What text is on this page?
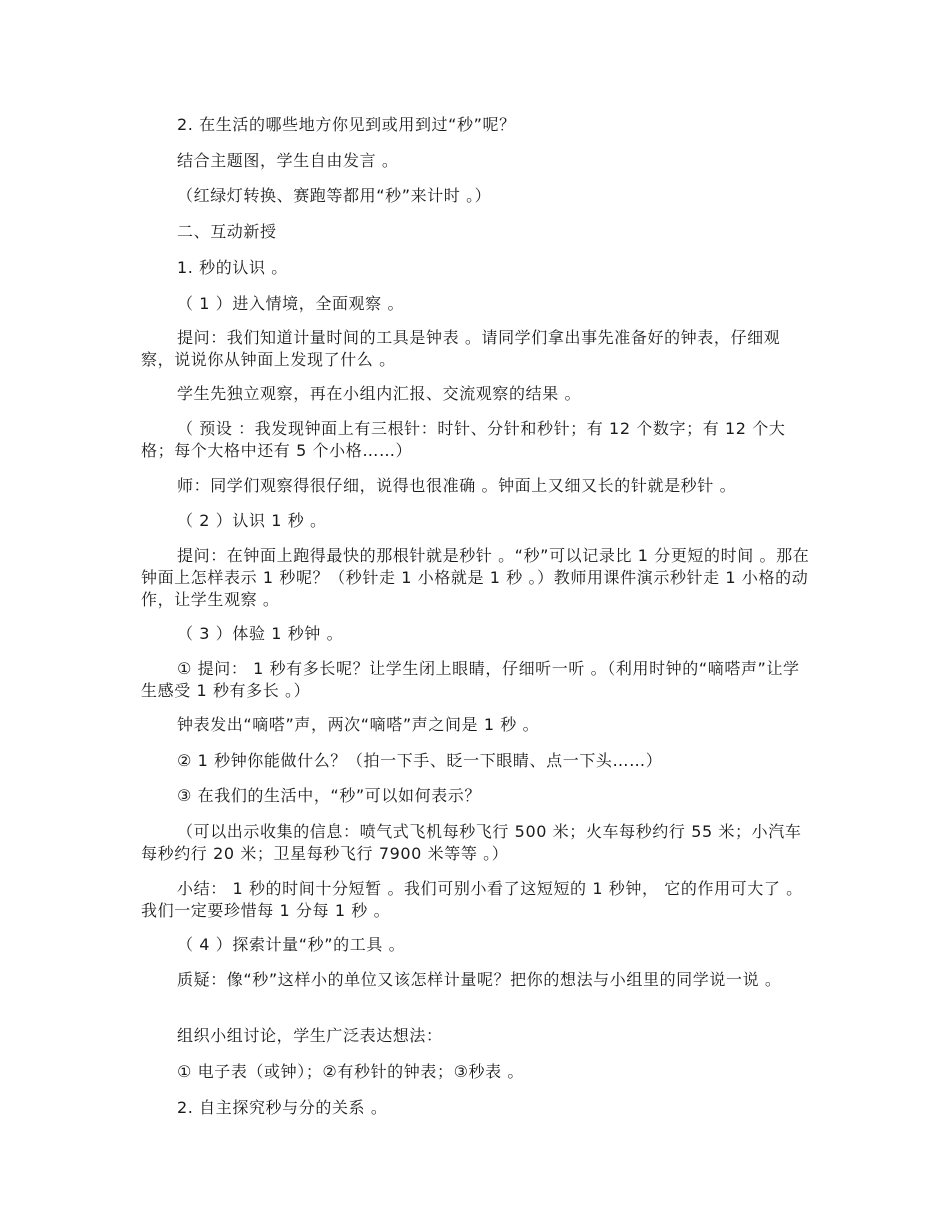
2. 在生活的哪些地方你见到或用到过“秒”呢？

结合主题图，学生自由发言 。

（红绿灯转换、赛跑等都用“秒”来计时 。）

二、互动新授

1. 秒的认识 。

（ 1 ）进入情境，全面观察 。

提问：我们知道计量时间的工具是钟表 。请同学们拿出事先准备好的钟表，仔细观察，说说你从钟面上发现了什么 。

学生先独立观察，再在小组内汇报、交流观察的结果 。

（ 预设 ：我发现钟面上有三根针：时针、分针和秒针；有 12 个数字；有 12 个大格；每个大格中还有 5 个小格……）

师：同学们观察得很仔细，说得也很准确 。钟面上又细又长的针就是秒针 。

（ 2 ）认识 1 秒 。

提问：在钟面上跑得最快的那根针就是秒针 。“秒”可以记录比 1 分更短的时间 。那在钟面上怎样表示 1 秒呢？（秒针走 1 小格就是 1 秒 。）教师用课件演示秒针走 1 小格的动作，让学生观察 。

（ 3 ）体验 1 秒钟 。

① 提问： 1 秒有多长呢？让学生闭上眼睛，仔细听一听 。（利用时钟的“嘀嗒声”让学生感受 1 秒有多长 。）

钟表发出“嘀嗒”声，两次“嘀嗒”声之间是 1 秒 。

② 1 秒钟你能做什么？（拍一下手、眨一下眼睛、点一下头……）

③ 在我们的生活中，“秒”可以如何表示？

（可以出示收集的信息：喷气式飞机每秒飞行 500 米；火车每秒约行 55 米；小汽车每秒约行 20 米；卫星每秒飞行 7900 米等等 。）

小结： 1 秒的时间十分短暂 。我们可别小看了这短短的 1 秒钟， 它的作用可大了 。我们一定要珍惜每 1 分每 1 秒 。

（ 4 ）探索计量“秒”的工具 。

质疑：像“秒”这样小的单位又该怎样计量呢？把你的想法与小组里的同学说一说 。

组织小组讨论，学生广泛表达想法：

① 电子表（或钟）；②有秒针的钟表；③秒表 。

2. 自主探究秒与分的关系 。
